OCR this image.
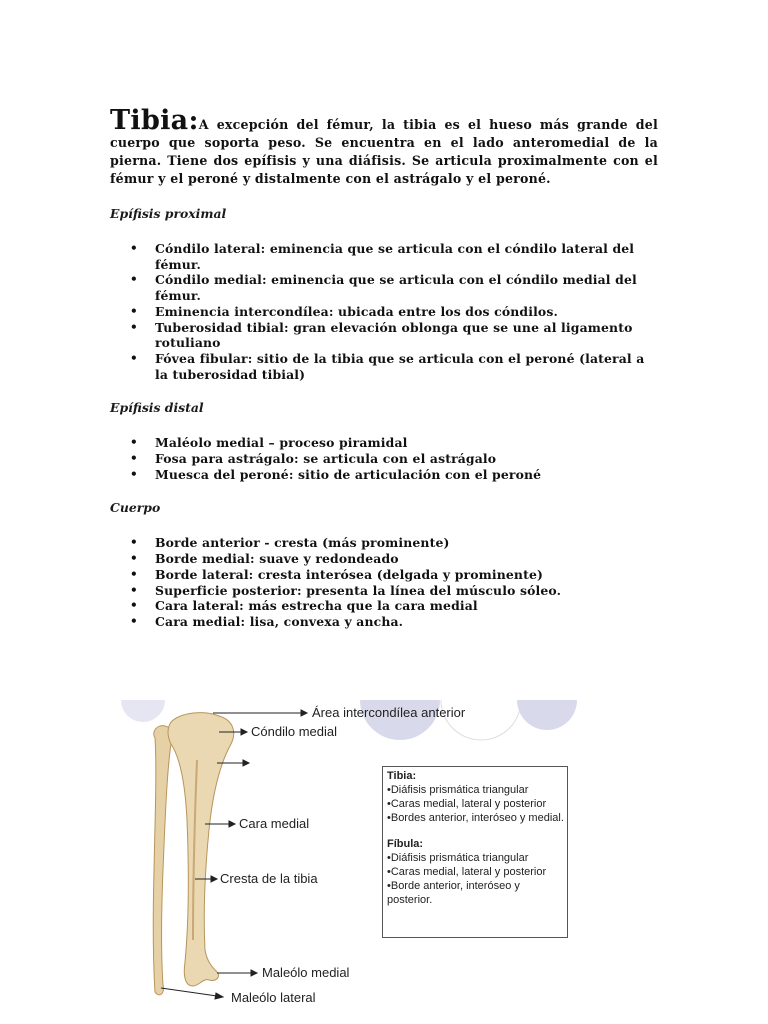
Tibia:A excepción del fémur, la tibia es el hueso más grande del cuerpo que soporta peso. Se encuentra en el lado anteromedial de la pierna. Tiene dos epífisis y una diáfisis. Se articula proximalmente con el fémur y el peroné y distalmente con el astrágalo y el peroné.

Epífisis proximal

• Cóndilo lateral: eminencia que se articula con el cóndilo lateral del fémur.
• Cóndilo medial: eminencia que se articula con el cóndilo medial del fémur.
• Eminencia intercondílea: ubicada entre los dos cóndilos.
• Tuberosidad tibial: gran elevación oblonga que se une al ligamento rotuliano
• Fóvea fibular: sitio de la tibia que se articula con el peroné (lateral a la tuberosidad tibial)

Epífisis distal

• Maléolo medial – proceso piramidal
• Fosa para astrágalo: se articula con el astrágalo
• Muesca del peroné: sitio de articulación con el peroné

Cuerpo

• Borde anterior - cresta (más prominente)
• Borde medial: suave y redondeado
• Borde lateral: cresta interósea (delgada y prominente)
• Superficie posterior: presenta la línea del músculo sóleo.
• Cara lateral: más estrecha que la cara medial
• Cara medial: lisa, convexa y ancha.
Área intercondílea anterior
Cóndilo medial
Cara medial
Cresta de la tibia
Maleólo medial
Maleólo lateral
Tibia:
•Diáfisis prismática triangular
•Caras medial, lateral y posterior
•Bordes anterior, interóseo y medial.
Fíbula:
•Diáfisis prismática triangular
•Caras medial, lateral y posterior
•Borde anterior, interóseo y posterior.
